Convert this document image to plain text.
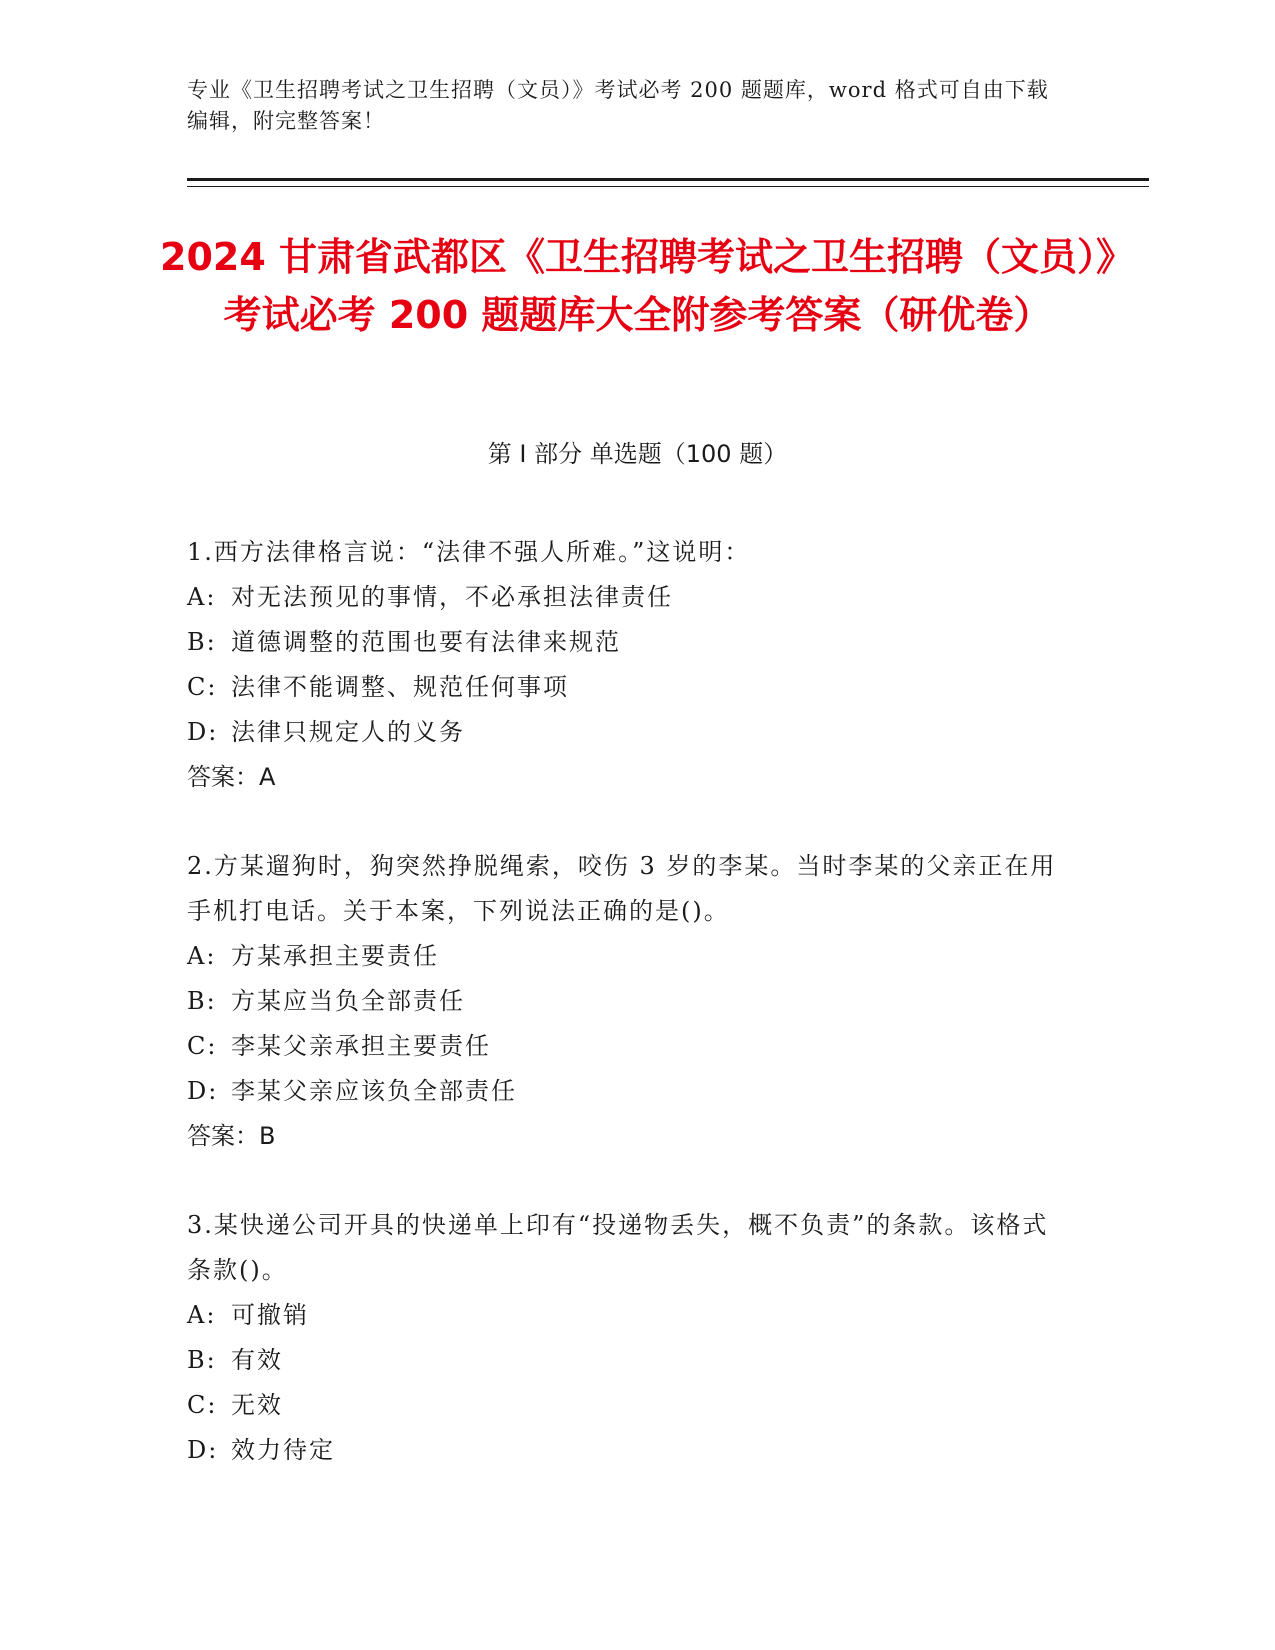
专业《卫生招聘考试之卫生招聘（文员）》考试必考 200 题题库，word 格式可自由下载编辑，附完整答案！
2024 甘肃省武都区《卫生招聘考试之卫生招聘（文员）》考试必考 200 题题库大全附参考答案（研优卷）
第 I 部分 单选题（100 题）
1.西方法律格言说：“法律不强人所难。”这说明：
A: 对无法预见的事情，不必承担法律责任
B: 道德调整的范围也要有法律来规范
C: 法律不能调整、规范任何事项
D: 法律只规定人的义务
答案：A
2.方某遛狗时，狗突然挣脱绳索，咬伤 3 岁的李某。当时李某的父亲正在用手机打电话。关于本案，下列说法正确的是()。
A: 方某承担主要责任
B: 方某应当负全部责任
C: 李某父亲承担主要责任
D: 李某父亲应该负全部责任
答案：B
3.某快递公司开具的快递单上印有“投递物丢失，概不负责”的条款。该格式条款()。
A: 可撤销
B: 有效
C: 无效
D: 效力待定
